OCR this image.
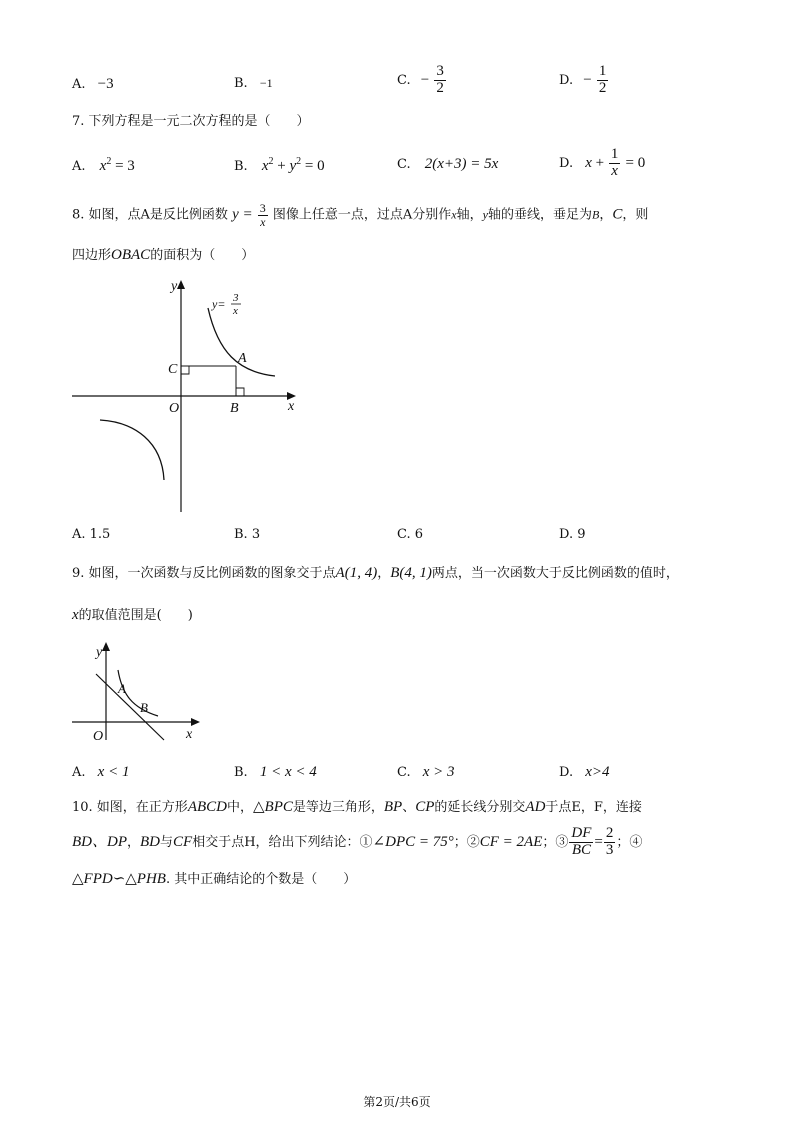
A. −3	B. −1	C. − $\frac{3}{2}$	D. − $\frac{1}{2}$
7. 下列方程是一元二次方程的是（　　）
A. $x^2 = 3$	B. $x^2 + y^2 = 0$	C. 2(x+3) = 5x	D. $x + \frac{1}{x} = 0$
8. 如图，点A是反比例函数 $y = \frac{3}{x}$ 图像上任意一点，过点A分别作x轴，y轴的垂线，垂足为B，C，则
四边形OBAC的面积为（　　）
y
x
O
C
A
B
y= 3
x
A. 1.5	B. 3	C. 6	D. 9
9. 如图，一次函数与反比例函数的图象交于点A(1, 4)，B(4, 1)两点，当一次函数大于反比例函数的值时，
x的取值范围是(　　)
y
x
O
A
B
A. x < 1	B. 1 < x < 4	C. x > 3	D. x>4
10. 如图，在正方形ABCD中，△BPC是等边三角形，BP、CP的延长线分别交AD于点E，F，连接
BD、DP，BD与CF相交于点H，给出下列结论：①∠DPC = 75°；②CF = 2AE；③ $\frac{DF}{BC} = \frac{2}{3}$ ；④
△FPD∽△PHB. 其中正确结论的个数是（　　）
第2页/共6页
